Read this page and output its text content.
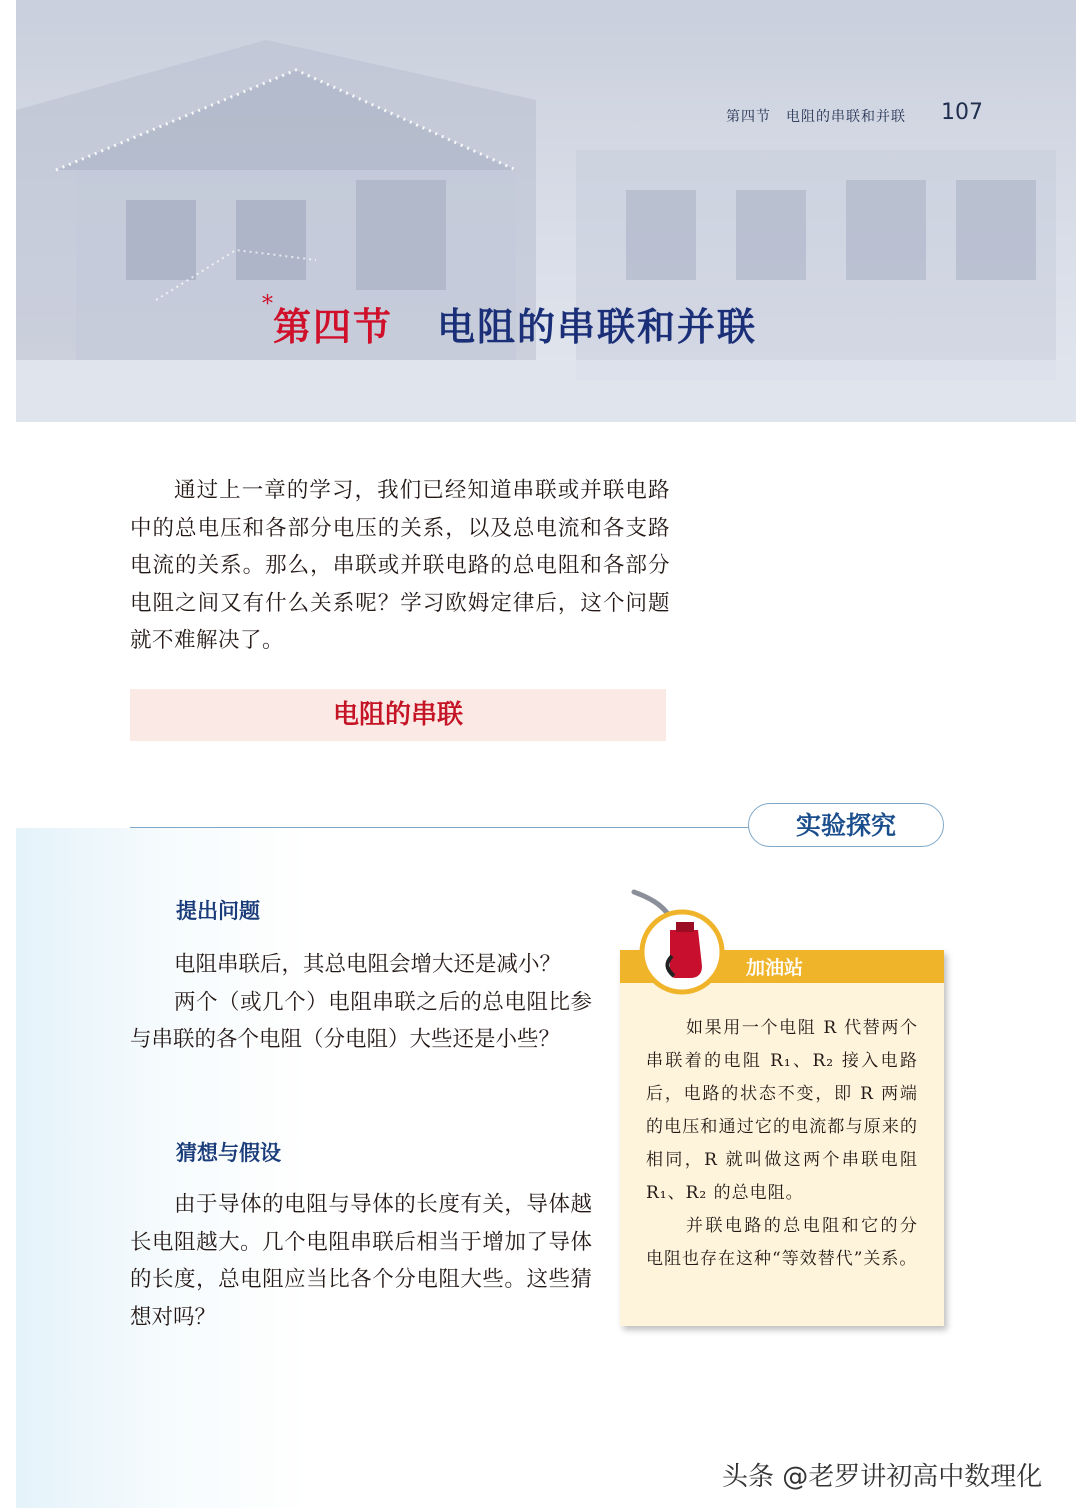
第四节　电阻的串联和并联 107
*第四节 电阻的串联和并联
通过上一章的学习，我们已经知道串联或并联电路中的总电压和各部分电压的关系，以及总电流和各支路电流的关系。那么，串联或并联电路的总电阻和各部分电阻之间又有什么关系呢？学习欧姆定律后，这个问题就不难解决了。
电阻的串联
实验探究
提出问题

电阻串联后，其总电阻会增大还是减小？

两个（或几个）电阻串联之后的总电阻比参与串联的各个电阻（分电阻）大些还是小些？

猜想与假设

由于导体的电阻与导体的长度有关，导体越长电阻越大。几个电阻串联后相当于增加了导体的长度，总电阻应当比各个分电阻大些。这些猜想对吗？

加油站

如果用一个电阻 R 代替两个串联着的电阻 R₁、R₂ 接入电路后，电路的状态不变，即 R 两端的电压和通过它的电流都与原来的相同，R 就叫做这两个串联电阻 R₁、R₂ 的总电阻。

并联电路的总电阻和它的分电阻也存在这种“等效替代”关系。

头条 @老罗讲初高中数理化
